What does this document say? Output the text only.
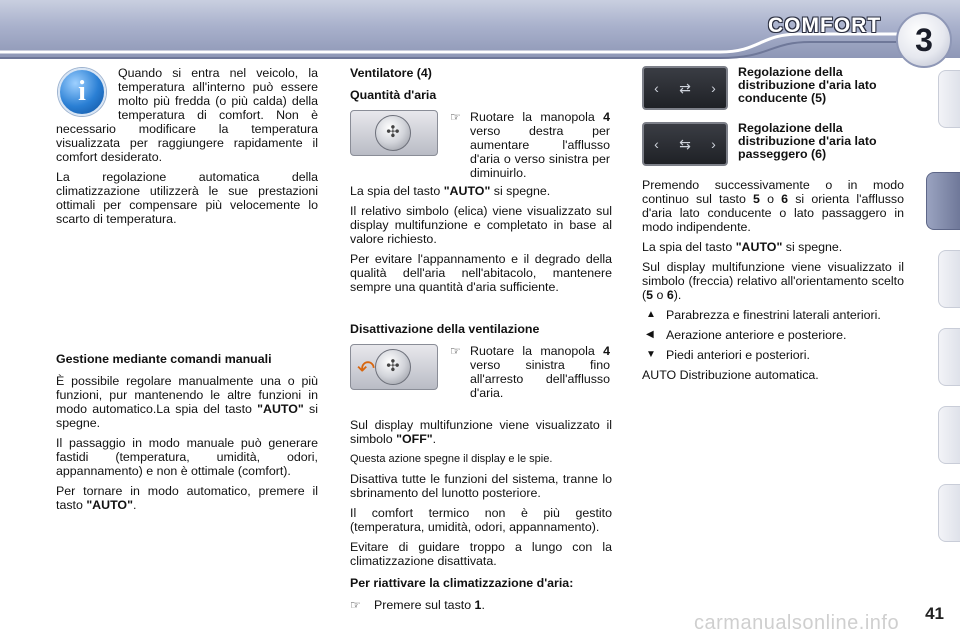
COMFORT	3
i

Quando si entra nel veicolo, la temperatura all'interno può essere molto più fredda (o più calda) della temperatura di comfort. Non è necessario modificare la temperatura visualizzata per raggiungere rapidamente il comfort desiderato.

La regolazione automatica della climatizzazione utilizzerà le sue prestazioni ottimali per compensare più velocemente lo scarto di temperatura.

Gestione mediante comandi manuali

È possibile regolare manualmente una o più funzioni, pur mantenendo le altre funzioni in modo automatico.La spia del tasto "AUTO" si spegne.

Il passaggio in modo manuale può generare fastidi (temperatura, umidità, odori, appannamento) e non è ottimale (comfort).

Per tornare in modo automatico, premere il tasto "AUTO".

Ventilatore (4)
Quantità d'aria
✣
☞ Ruotare la manopola 4 verso destra per aumentare l'afflusso d'aria o verso sinistra per diminuirlo.

La spia del tasto "AUTO" si spegne.

Il relativo simbolo (elica) viene visualizzato sul display multifunzione e completato in base al valore richiesto.

Per evitare l'appannamento e il degrado della qualità dell'aria nell'abitacolo, mantenere sempre una quantità d'aria sufficiente.

Disattivazione della ventilazione
↶ ✣
☞ Ruotare la manopola 4 verso sinistra fino all'arresto dell'afflusso d'aria.

Sul display multifunzione viene visualizzato il simbolo "OFF".

Questa azione spegne il display e le spie.

Disattiva tutte le funzioni del sistema, tranne lo sbrinamento del lunotto posteriore.

Il comfort termico non è più gestito (temperatura, umidità, odori, appannamento).

Evitare di guidare troppo a lungo con la climatizzazione disattivata.

Per riattivare la climatizzazione d'aria:
☞ Premere sul tasto 1.
‹ ⇄ ›
Regolazione della distribuzione d'aria lato conducente (5)
‹ ⇆ ›
Regolazione della distribuzione d'aria lato passeggero (6)

Premendo successivamente o in modo continuo sul tasto 5 o 6 si orienta l'afflusso d'aria lato conducente o lato passaggero in modo indipendente.

La spia del tasto "AUTO" si spegne.

Sul display multifunzione viene visualizzato il simbolo (freccia) relativo all'orientamento scelto (5 o 6).

▲ Parabrezza e finestrini laterali anteriori.
◀ Aerazione anteriore e posteriore.
▼ Piedi anteriori e posteriori.

AUTO Distribuzione automatica.

41
carmanualsonline.info
